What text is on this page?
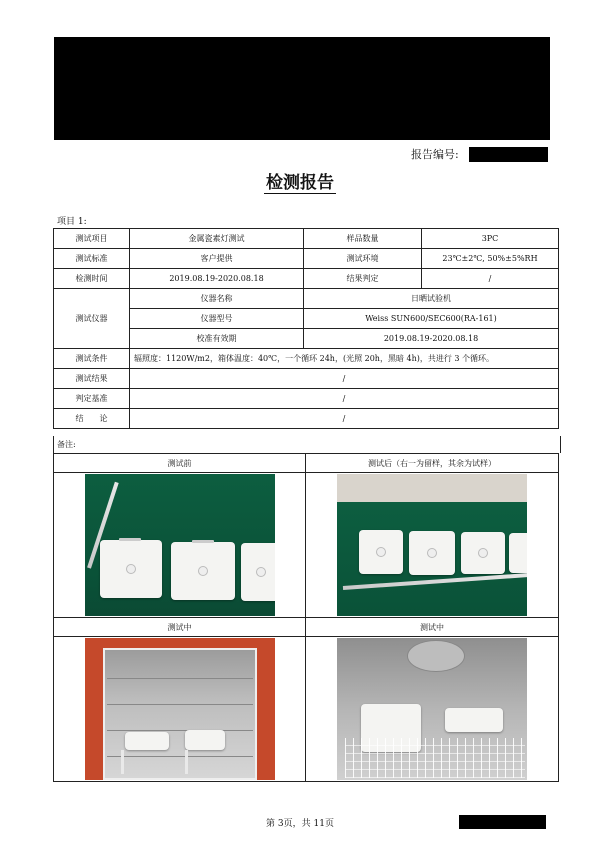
报告编号:
检测报告
项目 1:
测试项目	金属瓷素灯测试	样品数量	3PC
测试标准	客户提供	测试环境	23℃±2℃, 50%±5%RH
检测时间	2019.08.19-2020.08.18	结果判定	/
测试仪器	仪器名称	日晒试验机	
	仪器型号	Weiss SUN600/SEC600(RA-161)	
	校准有效期	2019.08.19-2020.08.18	
测试条件	辐照度：1120W/m2，箱体温度：40℃，一个循环 24h，(光照 20h，黑暗 4h)，共进行 3 个循环。		
测试结果	/		
判定基准	/		
结　　论	/		
备注:
测试前	测试后（右一为留样，其余为试样）

测试中	测试中

第 3页，共 11页
